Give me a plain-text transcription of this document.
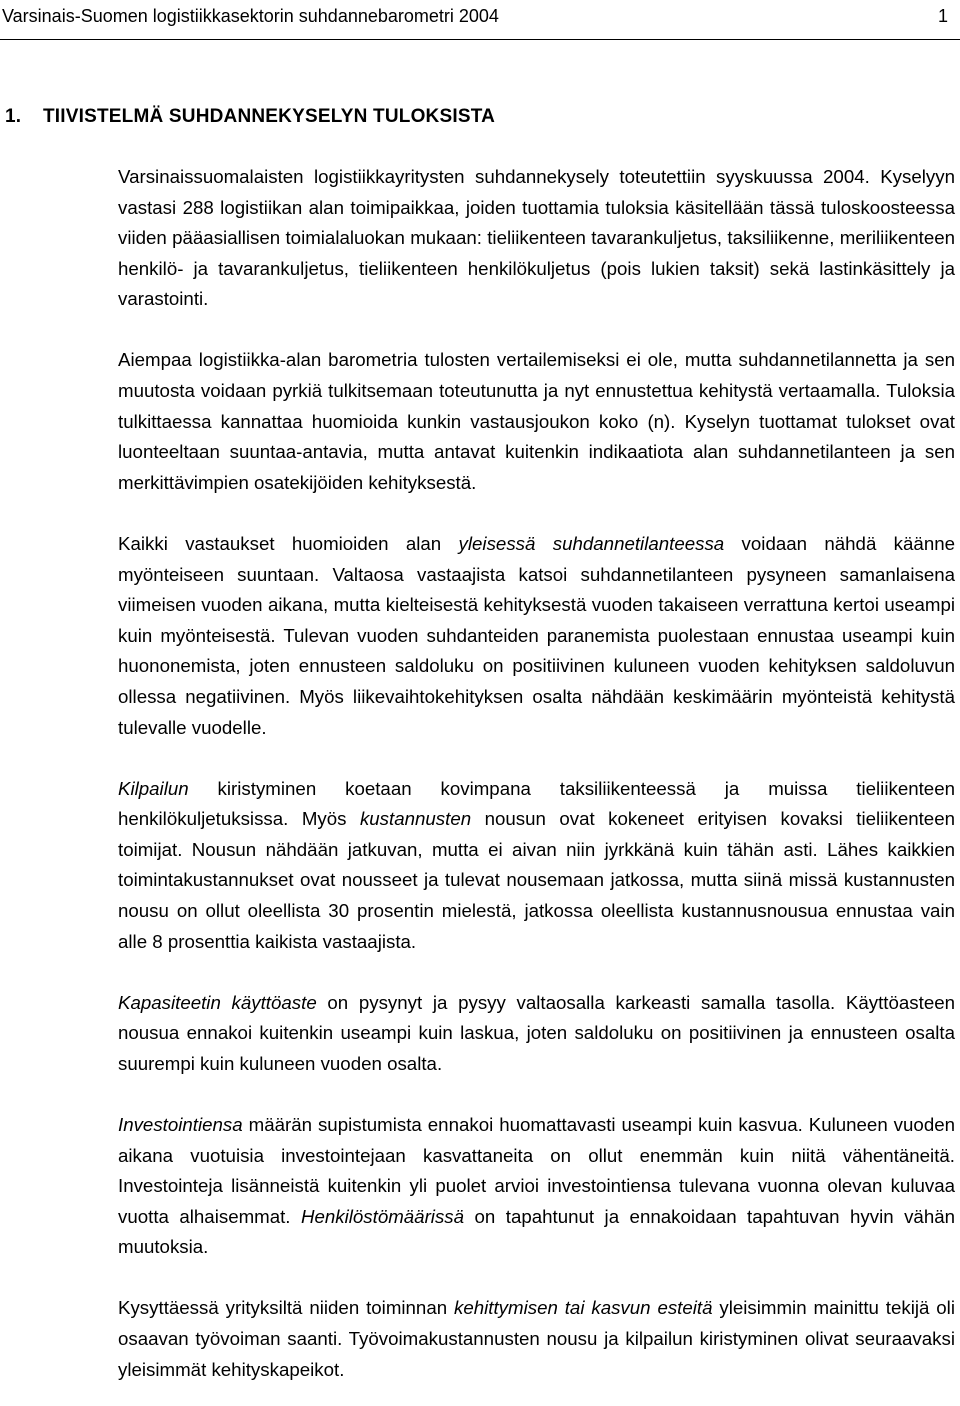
Varsinais-Suomen logistiikkasektorin suhdannebarometri 2004	1
1. TIIVISTELMÄ SUHDANNEKYSELYN TULOKSISTA

Varsinaissuomalaisten logistiikkayritysten suhdannekysely toteutettiin syyskuussa 2004. Kyselyyn vastasi 288 logistiikan alan toimipaikkaa, joiden tuottamia tuloksia käsitellään tässä tuloskoosteessa viiden pääasiallisen toimialaluokan mukaan: tieliikenteen tavarankuljetus, taksiliikenne, meriliikenteen henkilö- ja tavarankuljetus, tieliikenteen henkilökuljetus (pois lukien taksit) sekä lastinkäsittely ja varastointi.

Aiempaa logistiikka-alan barometria tulosten vertailemiseksi ei ole, mutta suhdannetilannetta ja sen muutosta voidaan pyrkiä tulkitsemaan toteutunutta ja nyt ennustettua kehitystä vertaamalla. Tuloksia tulkittaessa kannattaa huomioida kunkin vastausjoukon koko (n). Kyselyn tuottamat tulokset ovat luonteeltaan suuntaa-antavia, mutta antavat kuitenkin indikaatiota alan suhdannetilanteen ja sen merkittävimpien osatekijöiden kehityksestä.

Kaikki vastaukset huomioiden alan yleisessä suhdannetilanteessa voidaan nähdä käänne myönteiseen suuntaan. Valtaosa vastaajista katsoi suhdannetilanteen pysyneen samanlaisena viimeisen vuoden aikana, mutta kielteisestä kehityksestä vuoden takaiseen verrattuna kertoi useampi kuin myönteisestä. Tulevan vuoden suhdanteiden paranemista puolestaan ennustaa useampi kuin huononemista, joten ennusteen saldoluku on positiivinen kuluneen vuoden kehityksen saldoluvun ollessa negatiivinen. Myös liikevaihtokehityksen osalta nähdään keskimäärin myönteistä kehitystä tulevalle vuodelle.

Kilpailun kiristyminen koetaan kovimpana taksiliikenteessä ja muissa tieliikenteen henkilökuljetuksissa. Myös kustannusten nousun ovat kokeneet erityisen kovaksi tieliikenteen toimijat. Nousun nähdään jatkuvan, mutta ei aivan niin jyrkkänä kuin tähän asti. Lähes kaikkien toimintakustannukset ovat nousseet ja tulevat nousemaan jatkossa, mutta siinä missä kustannusten nousu on ollut oleellista 30 prosentin mielestä, jatkossa oleellista kustannusnousua ennustaa vain alle 8 prosenttia kaikista vastaajista.

Kapasiteetin käyttöaste on pysynyt ja pysyy valtaosalla karkeasti samalla tasolla. Käyttöasteen nousua ennakoi kuitenkin useampi kuin laskua, joten saldoluku on positiivinen ja ennusteen osalta suurempi kuin kuluneen vuoden osalta.

Investointiensa määrän supistumista ennakoi huomattavasti useampi kuin kasvua. Kuluneen vuoden aikana vuotuisia investointejaan kasvattaneita on ollut enemmän kuin niitä vähentäneitä. Investointeja lisänneistä kuitenkin yli puolet arvioi investointiensa tulevana vuonna olevan kuluvaa vuotta alhaisemmat. Henkilöstömäärissä on tapahtunut ja ennakoidaan tapahtuvan hyvin vähän muutoksia.

Kysyttäessä yrityksiltä niiden toiminnan kehittymisen tai kasvun esteitä yleisimmin mainittu tekijä oli osaavan työvoiman saanti. Työvoimakustannusten nousu ja kilpailun kiristyminen olivat seuraavaksi yleisimmät kehityskapeikot.
